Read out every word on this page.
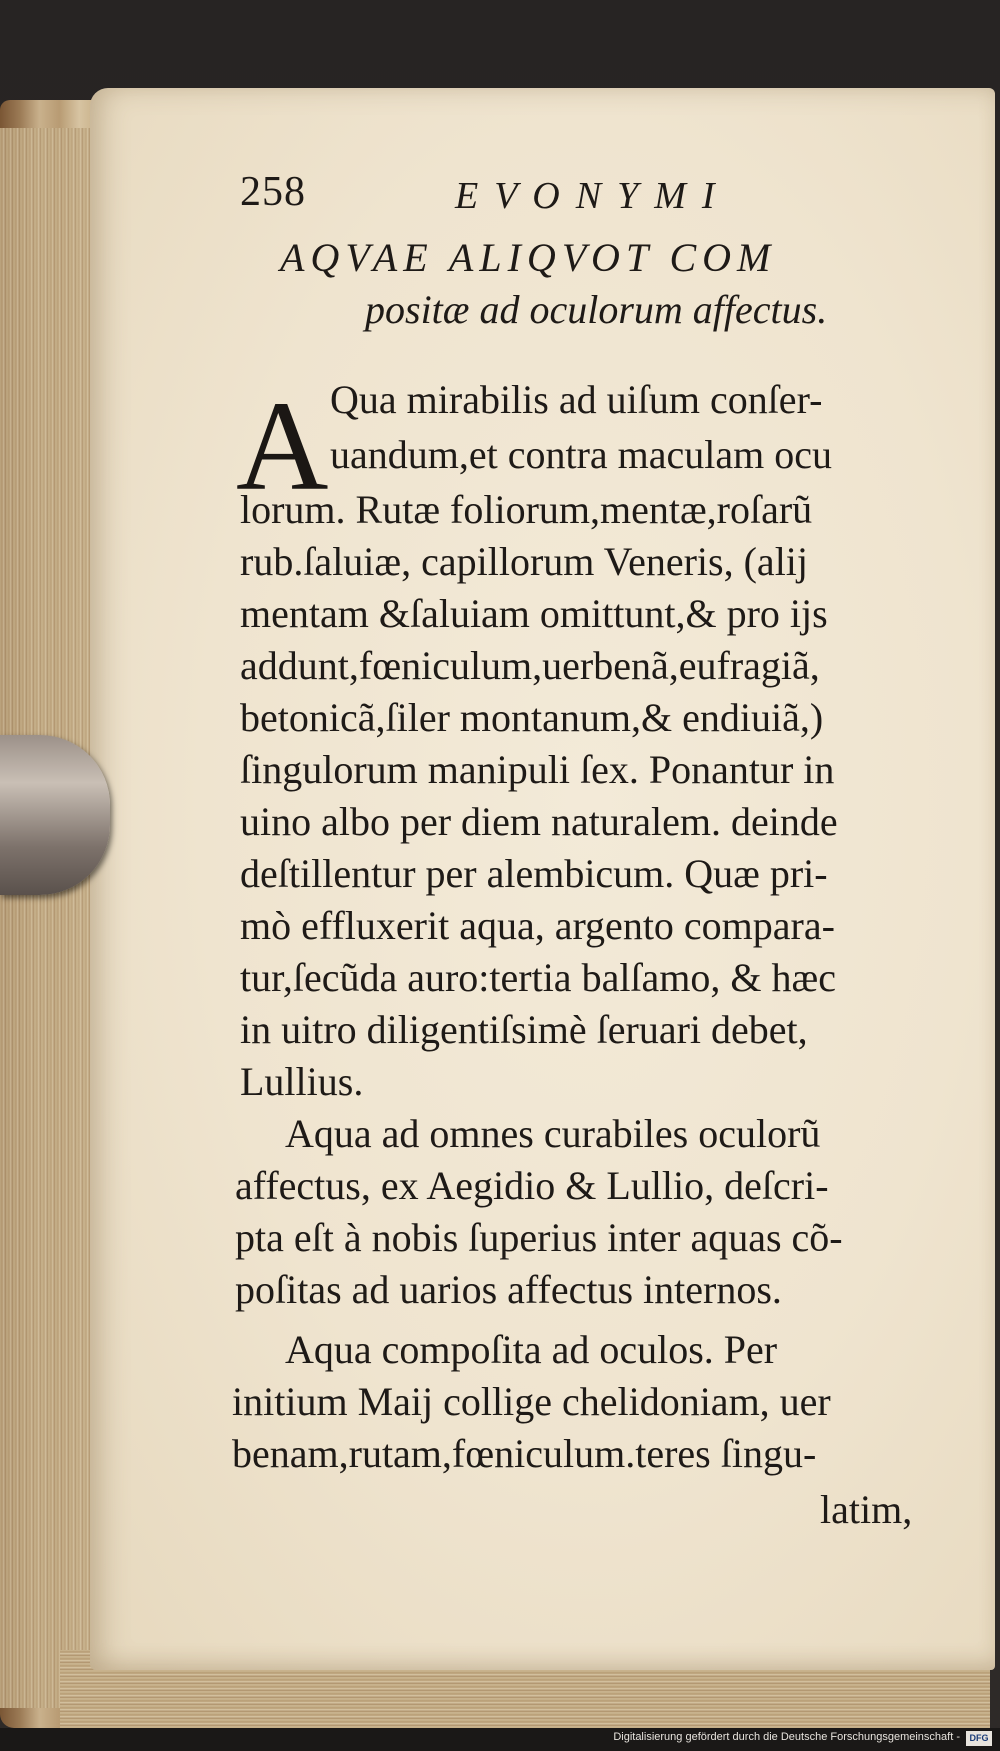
258	EVONYMI
AQVAE ALIQVOT COM
positæ ad oculorum affectus.
A Qua mirabilis ad uiſum conſer-
uandum,et contra maculam ocu
lorum. Rutæ foliorum,mentæ,roſarũ
rub.ſaluiæ, capillorum Veneris, (alij
mentam &ſaluiam omittunt,& pro ijs
addunt,fœniculum,uerbenã,eufragiã,
betonicã,ſiler montanum,& endiuiã,)
ſingulorum manipuli ſex. Ponantur in
uino albo per diem naturalem. deinde
deſtillentur per alembicum. Quæ pri-
mò effluxerit aqua, argento compara-
tur,ſecũda auro:tertia balſamo, & hæc
in uitro diligentiſsimè ſeruari debet,
Lullius.
Aqua ad omnes curabiles oculorũ
affectus, ex Aegidio & Lullio, deſcri-
pta eſt à nobis ſuperius inter aquas cõ-
poſitas ad uarios affectus internos.
Aqua compoſita ad oculos. Per
initium Maij collige chelidoniam, uer
benam,rutam,fœniculum.teres ſingu-
latim,
Digitalisierung gefördert durch die Deutsche Forschungsgemeinschaft -	DFG
